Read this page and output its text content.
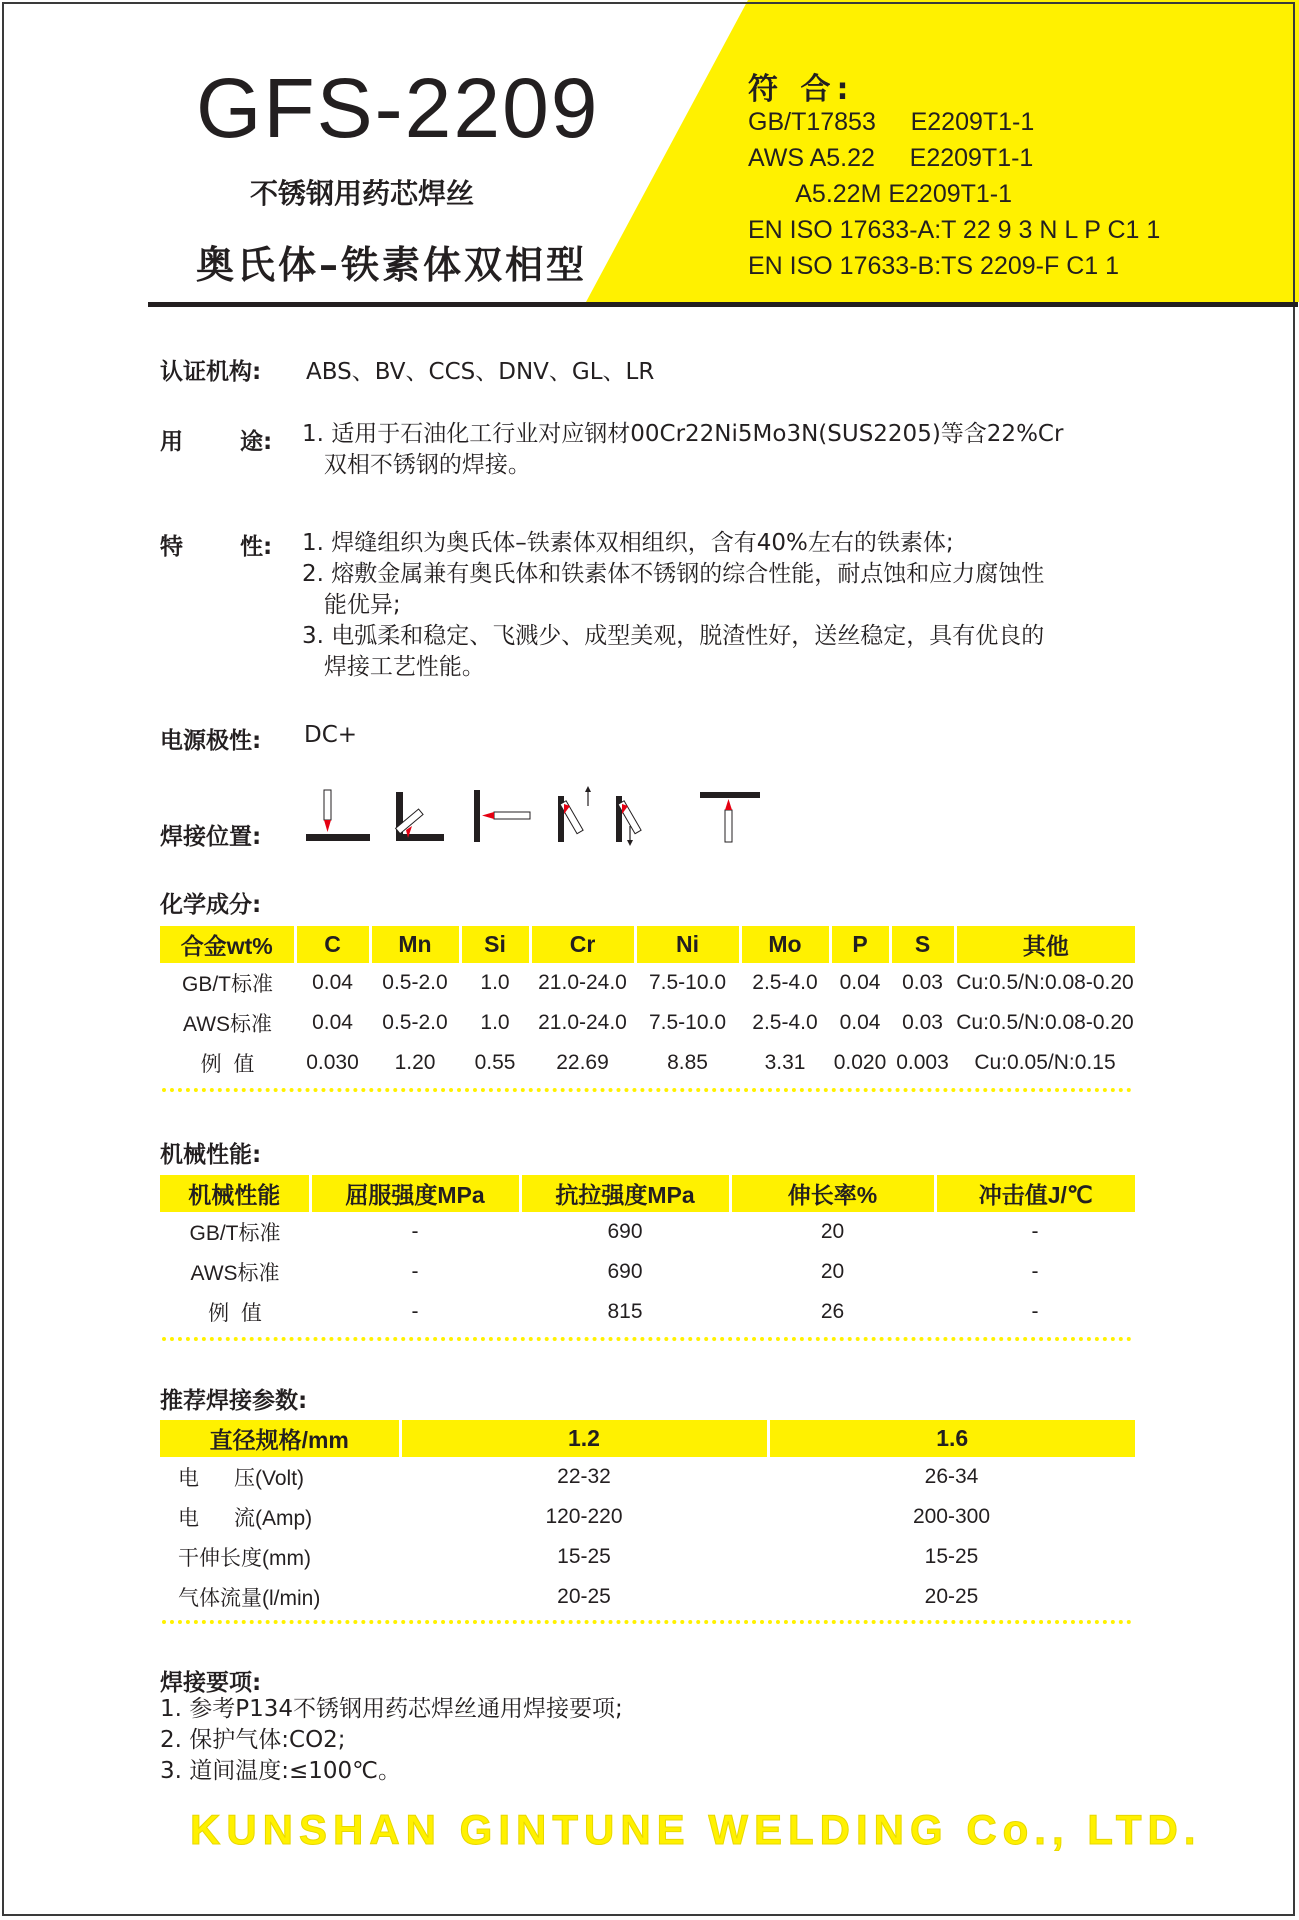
GFS-2209
不锈钢用药芯焊丝
奥氏体–铁素体双相型
符 合:
GB/T17853     E2209T1-1
AWS A5.22     E2209T1-1
A5.22M E2209T1-1
EN ISO 17633-A:T 22 9 3 N L P C1 1
EN ISO 17633-B:TS 2209-F C1 1
认证机构: ABS、BV、CCS、DNV、GL、LR
用 途: 1. 适用于石油化工行业对应钢材00Cr22Ni5Mo3N(SUS2205)等含22%Cr
双相不锈钢的焊接。
特 性: 1. 焊缝组织为奥氏体–铁素体双相组织，含有40%左右的铁素体;
2. 熔敷金属兼有奥氏体和铁素体不锈钢的综合性能，耐点蚀和应力腐蚀性
能优异;
3. 电弧柔和稳定、飞溅少、成型美观，脱渣性好，送丝稳定，具有优良的
焊接工艺性能。
电源极性: DC+
焊接位置:
化学成分:
合金wt%	C	Mn	Si	Cr	Ni	Mo	P	S	其他
GB/T标准	0.04	0.5-2.0	1.0	21.0-24.0	7.5-10.0	2.5-4.0	0.04	0.03	Cu:0.5/N:0.08-0.20
AWS标准	0.04	0.5-2.0	1.0	21.0-24.0	7.5-10.0	2.5-4.0	0.04	0.03	Cu:0.5/N:0.08-0.20
例  值	0.030	1.20	0.55	22.69	8.85	3.31	0.020	0.003	Cu:0.05/N:0.15
机械性能:
机械性能	屈服强度MPa	抗拉强度MPa	伸长率%	冲击值J/℃
GB/T标准	-	690	20	-
AWS标准	-	690	20	-
例  值	-	815	26	-
推荐焊接参数:
直径规格/mm	1.2	1.6
电      压(Volt)	22-32	26-34
电      流(Amp)	120-220	200-300
干伸长度(mm)	15-25	15-25
气体流量(l/min)	20-25	20-25
焊接要项:
1. 参考P134不锈钢用药芯焊丝通用焊接要项;
2. 保护气体:CO2;
3. 道间温度:≤100℃。
KUNSHAN GINTUNE WELDING Co., LTD.
